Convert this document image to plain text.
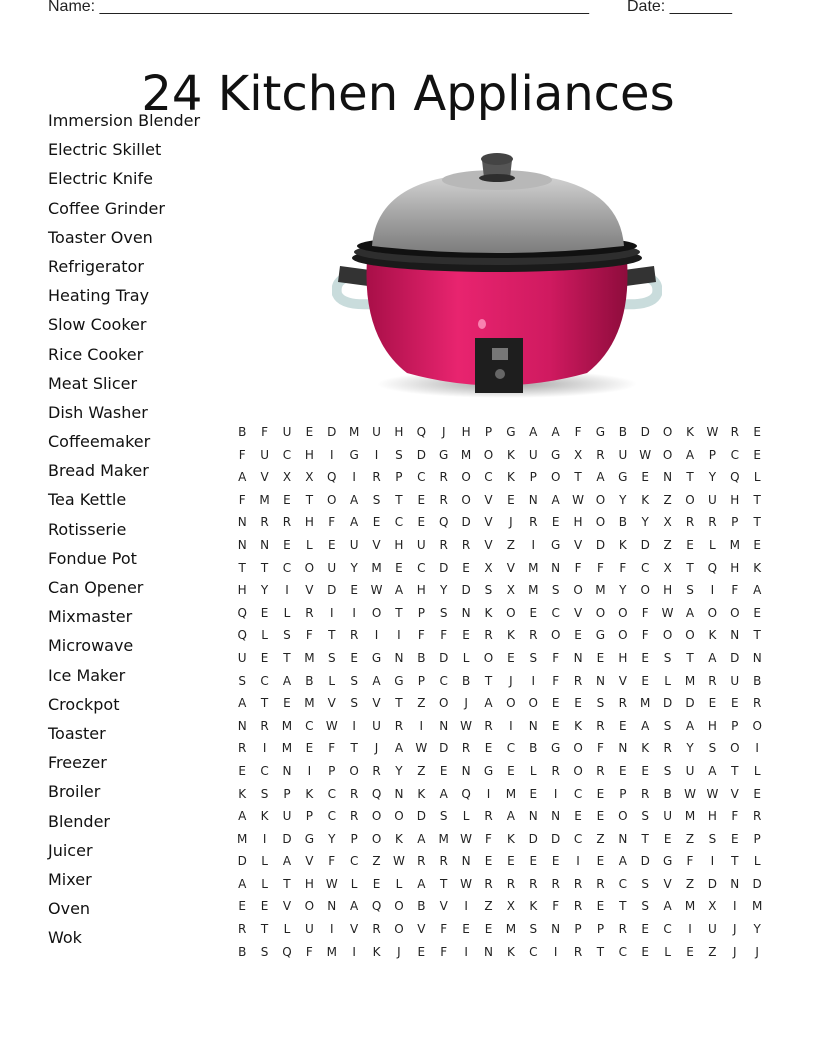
Name: _______________________________________________________ Date: _______
24 Kitchen Appliances
Immersion Blender
Electric Skillet
Electric Knife
Coffee Grinder
Toaster Oven
Refrigerator
Heating Tray
Slow Cooker
Rice Cooker
Meat Slicer
Dish Washer
Coffeemaker
Bread Maker
Tea Kettle
Rotisserie
Fondue Pot
Can Opener
Mixmaster
Microwave
Ice Maker
Crockpot
Toaster
Freezer
Broiler
Blender
Juicer
Mixer
Oven
Wok
B	F	U	E	D	M	U	H	Q	J	H	P	G	A	A	F	G	B	D	O	K	W	R	E
F	U	C	H	I	G	I	S	D	G	M	O	K	U	G	X	R	U	W O	A	P	C	E
A	V	X	X	Q	I	R	P	C	R	O	C	K	P	O	T	A	G	E	N	T	Y	Q	L
F	M	E	T	O	A	S	T	E	R	O	V	E	N	A	W O	Y	K	Z	O	U	H	T
N	R	R	H	F	A	E	C	E	Q	D	V	J	R	E	H	O	B	Y	X	R	R	P	T
N	N	E	L	E	U	V	H	U	R	R	V	Z	I	G	V	D	K	D	Z	E	L	M	E
T	T	C	O	U	Y	M	E	C	D	E	X	V	M	N	F	F	F	C	X	T	Q	H	K
H	Y	I	V	D	E	W	A	H	Y	D	S	X	M	S	O	M	Y	O	H	S	I	F	A
Q	E	L	R	I	I	O	T	P	S	N	K	O	E	C	V	O	O	F	W	A	O	O	E
Q	L	S	F	T	R	I	I	F	F	E	R	K	R	O	E	G	O	F	O	O	K	N	T
U	E	T	M	S	E	G	N	B	D	L	O	E	S	F	N	E	H	E	S	T	A	D	N
S	C	A	B	L	S	A	G	P	C	B	T	J	I	F	R	N	V	E	L	M	R	U	B
A	T	E	M	V	S	V	T	Z	O	J	A	O	O	E	E	S	R	M	D	D	E	E	R
N	R	M	C	W	I	U	R	I	N W	R	I	N	E	K	R	E	A	S	A	H	P	O
R	I	M	E	F	T	J	A	W D	R	E	C	B	G	O	F	N	K	R	Y	S	O	I
E	C	N	I	P	O	R	Y	Z	E	N	G	E	L	R	O	R	E	E	S	U	A	T	L
K	S	P	K	C	R	Q	N	K	A	Q	I	M	E	I	C	E	P	R	B	W W	V	E
A	K	U	P	C	R	O	O	D	S	L	R	A	N	N	E	E	O	S	U	M	H	F	R
M	I	D	G	Y	P	O	K	A	M W	F	K	D	D	C	Z	N	T	E	Z	S	E	P
D	L	A	V	F	C	Z	W	R	R	N	E	E	E	E	I	E	A	D	G	F	I	T	L
A	L	T	H W	L	E	L	A	T	W	R	R	R	R	R	R	C	S	V	Z	D	N	D
E	E	V	O	N	A	Q	O	B	V	I	Z	X	K	F	R	E	T	S	A	M	X	I	M
R	T	L	U	I	V	R	O	V	F	E	E	M	S	N	P	P	R	E	C	I	U	J	Y
B	S	Q	F	M	I	K	J	E	F	I	N	K	C	I	R	T	C	E	L	E	Z	J	J
